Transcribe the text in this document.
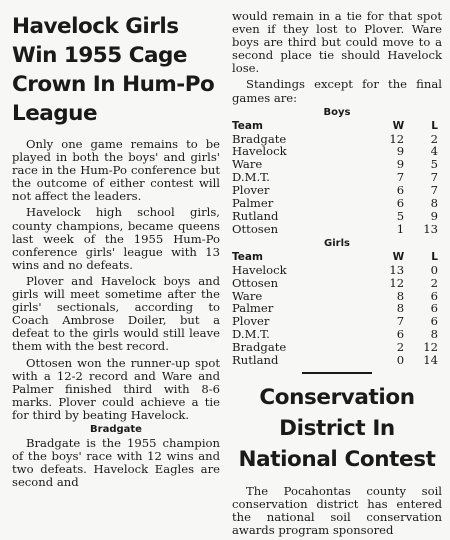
Havelock Girls Win 1955 Cage Crown In Hum-Po League

Only one game remains to be played in both the boys' and girls' race in the Hum-Po conference but the outcome of either contest will not affect the leaders.

Havelock high school girls, county champions, became queens last week of the 1955 Hum-Po conference girls' league with 13 wins and no defeats.

Plover and Havelock boys and girls will meet sometime after the girls' sectionals, according to Coach Ambrose Doiler, but a defeat to the girls would still leave them with the best record.

Ottosen won the runner-up spot with a 12-2 record and Ware and Palmer finished third with 8-6 marks. Plover could achieve a tie for third by beating Havelock.

Bradgate

Bradgate is the 1955 champion of the boys' race with 12 wins and two defeats. Havelock Eagles are second and

would remain in a tie for that spot even if they lost to Plover. Ware boys are third but could move to a second place tie should Havelock lose.

Standings except for the final games are:

Boys
Team	W	L
Bradgate	12	2
Havelock	9	4
Ware	9	5
D.M.T.	7	7
Plover	6	7
Palmer	6	8
Rutland	5	9
Ottosen	1	13
Girls
Team	W	L
Havelock	13	0
Ottosen	12	2
Ware	8	6
Palmer	8	6
Plover	7	6
D.M.T.	6	8
Bradgate	2	12
Rutland	0	14
Conservation District In National Contest

The Pocahontas county soil conservation district has entered the national soil conservation awards program sponsored
